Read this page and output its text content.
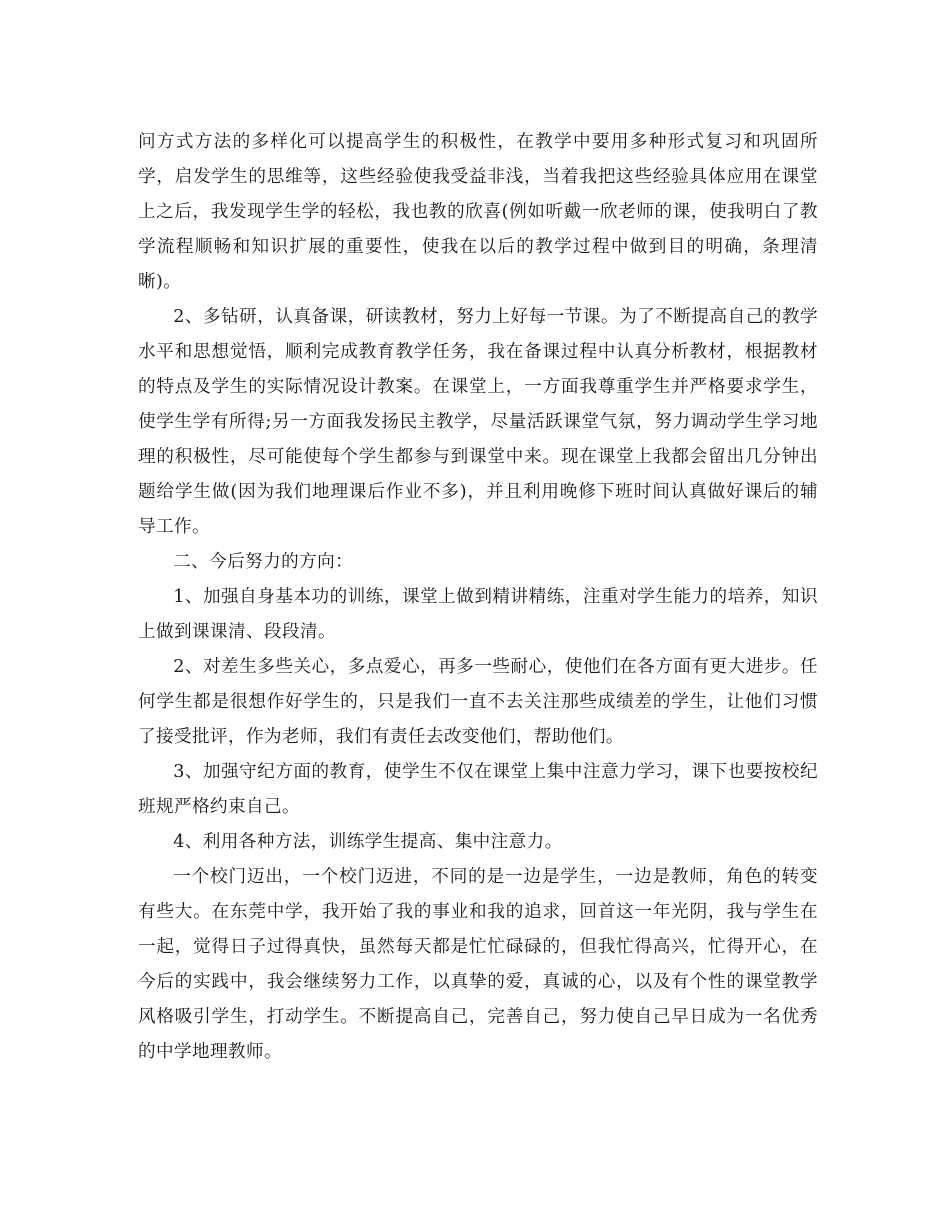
问方式方法的多样化可以提高学生的积极性，在教学中要用多种形式复习和巩固所学，启发学生的思维等，这些经验使我受益非浅，当着我把这些经验具体应用在课堂上之后，我发现学生学的轻松，我也教的欣喜(例如听戴一欣老师的课，使我明白了教学流程顺畅和知识扩展的重要性，使我在以后的教学过程中做到目的明确，条理清晰)。

2、多钻研，认真备课，研读教材，努力上好每一节课。为了不断提高自己的教学水平和思想觉悟，顺利完成教育教学任务，我在备课过程中认真分析教材，根据教材的特点及学生的实际情况设计教案。在课堂上，一方面我尊重学生并严格要求学生，使学生学有所得;另一方面我发扬民主教学，尽量活跃课堂气氛，努力调动学生学习地理的积极性，尽可能使每个学生都参与到课堂中来。现在课堂上我都会留出几分钟出题给学生做(因为我们地理课后作业不多)，并且利用晚修下班时间认真做好课后的辅导工作。

二、今后努力的方向：

1、加强自身基本功的训练，课堂上做到精讲精练，注重对学生能力的培养，知识上做到课课清、段段清。

2、对差生多些关心，多点爱心，再多一些耐心，使他们在各方面有更大进步。任何学生都是很想作好学生的，只是我们一直不去关注那些成绩差的学生，让他们习惯了接受批评，作为老师，我们有责任去改变他们，帮助他们。

3、加强守纪方面的教育，使学生不仅在课堂上集中注意力学习，课下也要按校纪班规严格约束自己。

4、利用各种方法，训练学生提高、集中注意力。

一个校门迈出，一个校门迈进，不同的是一边是学生，一边是教师，角色的转变有些大。在东莞中学，我开始了我的事业和我的追求，回首这一年光阴，我与学生在一起，觉得日子过得真快，虽然每天都是忙忙碌碌的，但我忙得高兴，忙得开心，在今后的实践中，我会继续努力工作，以真挚的爱，真诚的心，以及有个性的课堂教学风格吸引学生，打动学生。不断提高自己，完善自己，努力使自己早日成为一名优秀的中学地理教师。
